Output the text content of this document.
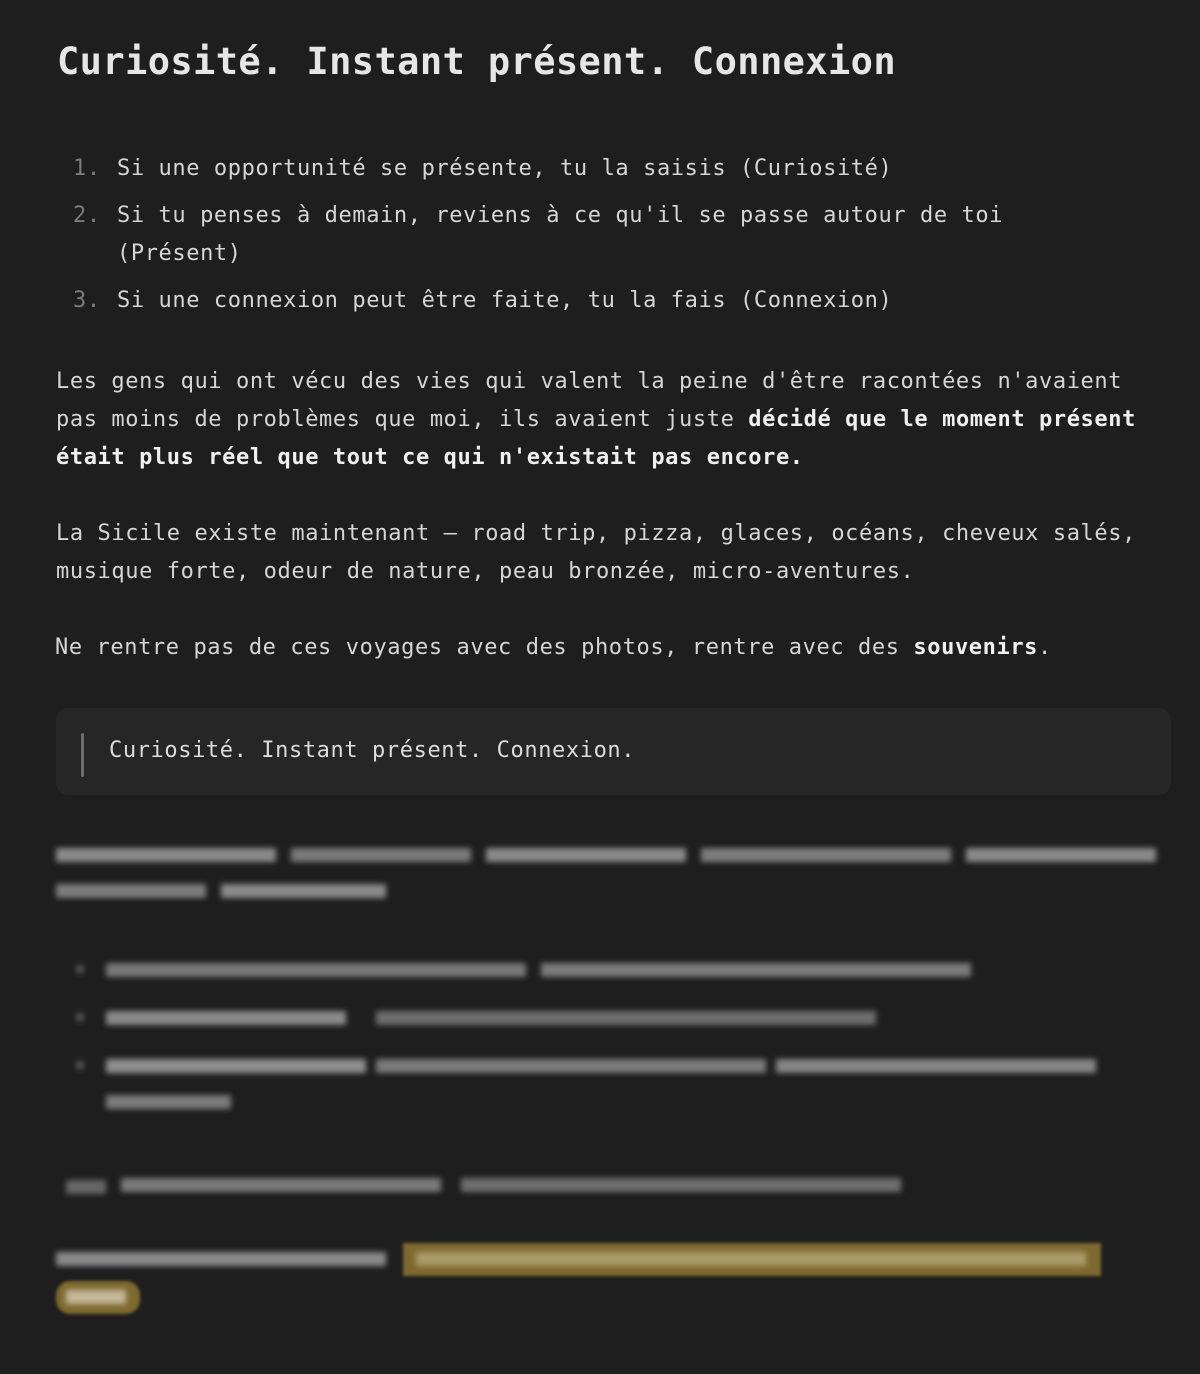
Curiosité. Instant présent. Connexion
1. Si une opportunité se présente, tu la saisis (Curiosité)
2. Si tu penses à demain, reviens à ce qu'il se passe autour de toi (Présent)
3. Si une connexion peut être faite, tu la fais (Connexion)

Les gens qui ont vécu des vies qui valent la peine d'être racontées n'avaient pas moins de problèmes que moi, ils avaient juste décidé que le moment présent était plus réel que tout ce qui n'existait pas encore.

La Sicile existe maintenant — road trip, pizza, glaces, océans, cheveux salés, musique forte, odeur de nature, peau bronzée, micro-aventures.

Ne rentre pas de ces voyages avec des photos, rentre avec des souvenirs.

Curiosité. Instant présent. Connexion.
